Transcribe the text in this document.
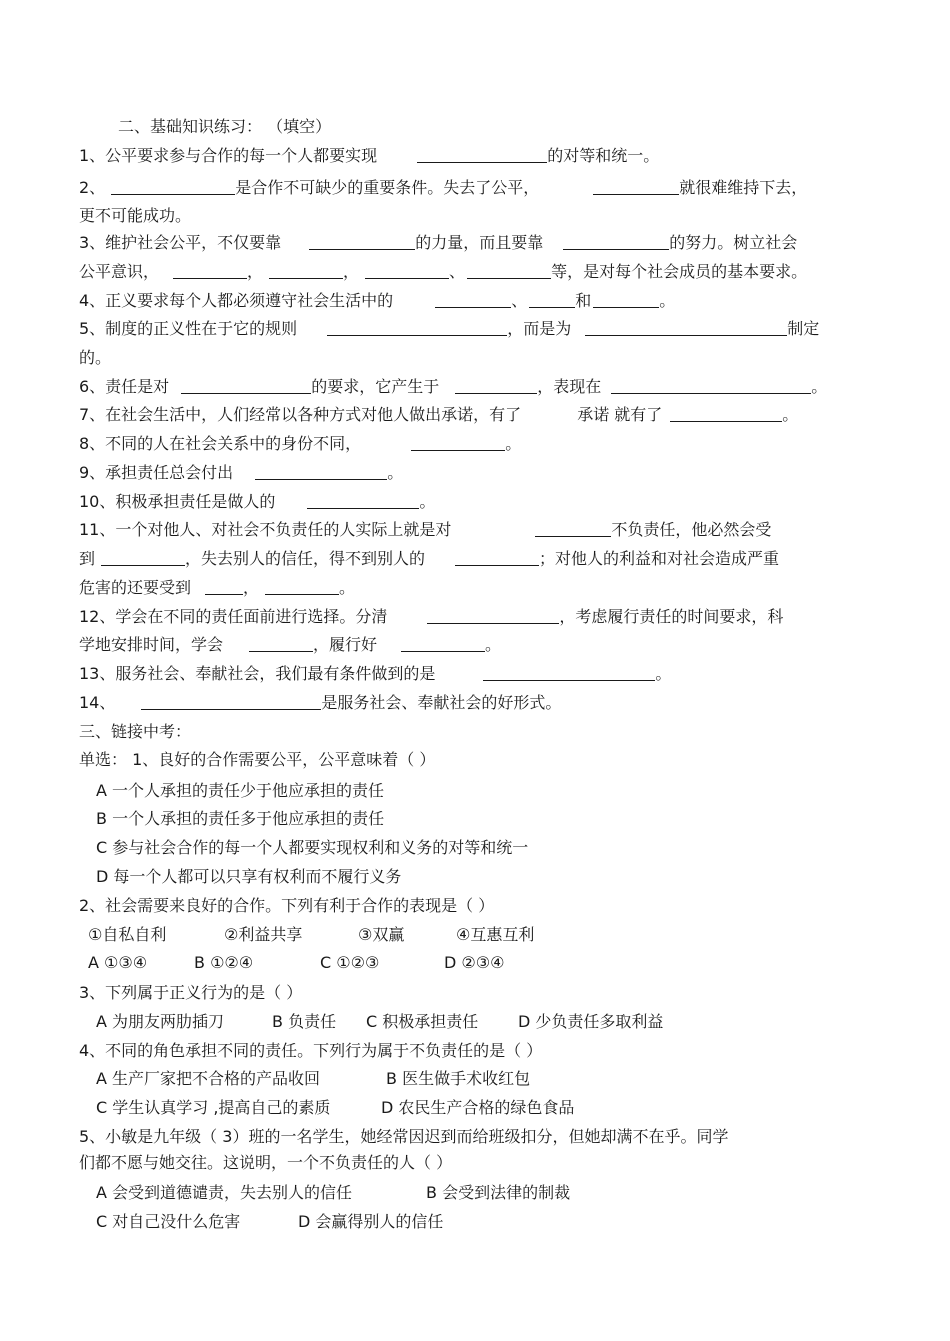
二、基础知识练习： （填空）
1、公平要求参与合作的每一个人都要实现	的对等和统一。
2、	是合作不可缺少的重要条件。失去了公平，	就很难维持下去，
更不可能成功。
3、维护社会公平，不仅要靠	的力量，而且要靠	的努力。树立社会
公平意识，	，	，	、	等，是对每个社会成员的基本要求。
4、正义要求每个人都必须遵守社会生活中的	、	和	。
5、制度的正义性在于它的规则	，而是为	制定
的。
6、责任是对	的要求，它产生于	，表现在	。
7、在社会生活中，人们经常以各种方式对他人做出承诺，有了	承诺 就有了	。
8、不同的人在社会关系中的身份不同，	。
9、承担责任总会付出	。
10、积极承担责任是做人的	。
11、一个对他人、对社会不负责任的人实际上就是对	不负责任，他必然会受
到	，失去别人的信任，得不到别人的	；对他人的利益和对社会造成严重
危害的还要受到	，	。
12、学会在不同的责任面前进行选择。分清	，考虑履行责任的时间要求，科
学地安排时间，学会	，履行好	。
13、服务社会、奉献社会，我们最有条件做到的是	。
14、	是服务社会、奉献社会的好形式。
三、链接中考：
单选： 1、良好的合作需要公平，公平意味着（ ）
A 一个人承担的责任少于他应承担的责任
B 一个人承担的责任多于他应承担的责任
C 参与社会合作的每一个人都要实现权利和义务的对等和统一
D 每一个人都可以只享有权利而不履行义务
2、社会需要来良好的合作。下列有利于合作的表现是（ ）
①自私自利	②利益共享	③双赢	④互惠互利
A ①③④	B ①②④	C ①②③	D ②③④
3、下列属于正义行为的是（ ）
A 为朋友两肋插刀	B 负责任 C 积极承担责任 D 少负责任多取利益
4、不同的角色承担不同的责任。下列行为属于不负责任的是（ ）
A 生产厂家把不合格的产品收回	B 医生做手术收红包
C 学生认真学习 ,提高自己的素质	D 农民生产合格的绿色食品
5、小敏是九年级（ 3）班的一名学生，她经常因迟到而给班级扣分，但她却满不在乎。同学
们都不愿与她交往。这说明，一个不负责任的人（ ）
A 会受到道德谴责，失去别人的信任	B 会受到法律的制裁
C 对自己没什么危害	D 会赢得别人的信任
